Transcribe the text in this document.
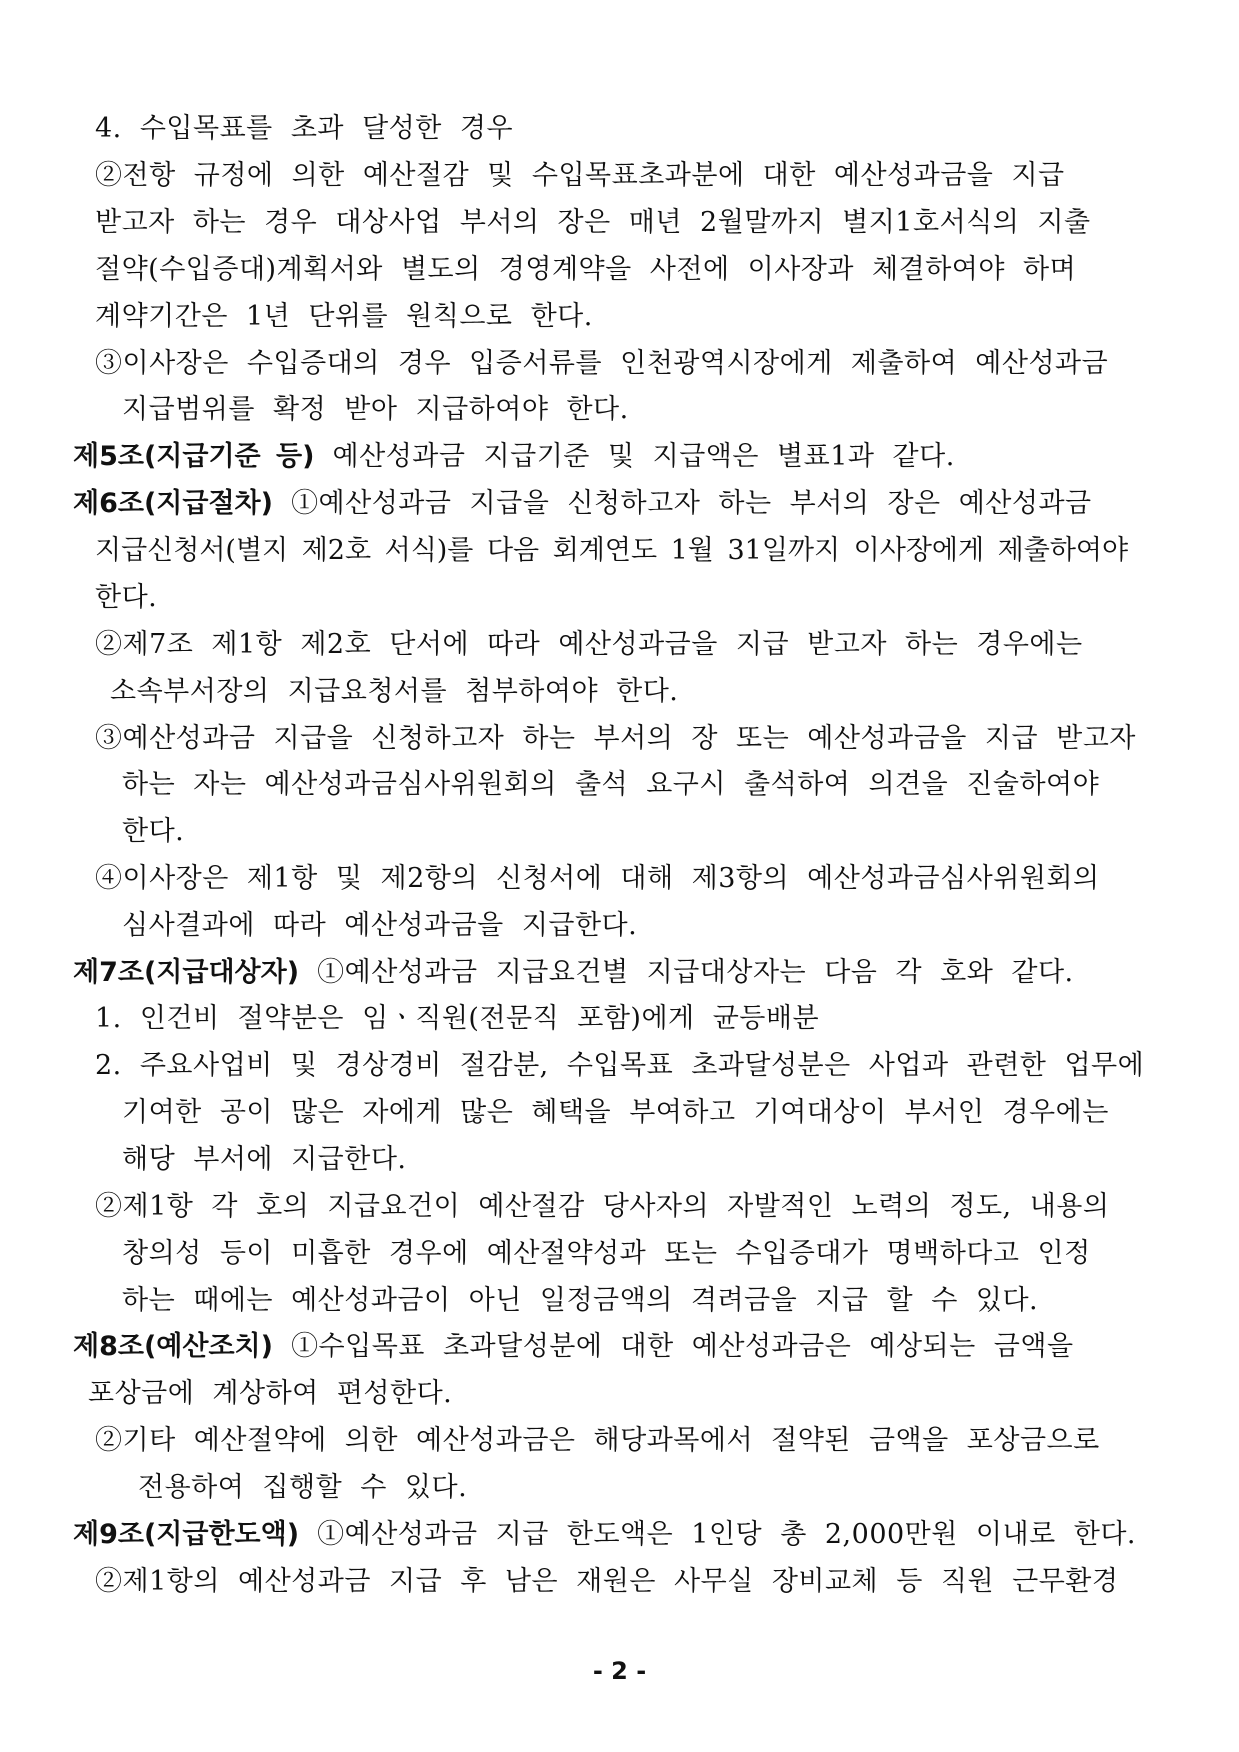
4. 수입목표를 초과 달성한 경우
②전항 규정에 의한 예산절감 및 수입목표초과분에 대한 예산성과금을 지급
받고자 하는 경우 대상사업 부서의 장은 매년 2월말까지 별지1호서식의 지출
절약(수입증대)계획서와 별도의 경영계약을 사전에 이사장과 체결하여야 하며
계약기간은 1년 단위를 원칙으로 한다.
③이사장은 수입증대의 경우 입증서류를 인천광역시장에게 제출하여 예산성과금
지급범위를 확정 받아 지급하여야 한다.
제5조(지급기준 등) 예산성과금 지급기준 및 지급액은 별표1과 같다.
제6조(지급절차) ①예산성과금 지급을 신청하고자 하는 부서의 장은 예산성과금
지급신청서(별지 제2호 서식)를 다음 회계연도 1월 31일까지 이사장에게 제출하여야
한다.
②제7조 제1항 제2호 단서에 따라 예산성과금을 지급 받고자 하는 경우에는
소속부서장의 지급요청서를 첨부하여야 한다.
③예산성과금 지급을 신청하고자 하는 부서의 장 또는 예산성과금을 지급 받고자
하는 자는 예산성과금심사위원회의 출석 요구시 출석하여 의견을 진술하여야
한다.
④이사장은 제1항 및 제2항의 신청서에 대해 제3항의 예산성과금심사위원회의
심사결과에 따라 예산성과금을 지급한다.
제7조(지급대상자) ①예산성과금 지급요건별 지급대상자는 다음 각 호와 같다.
1. 인건비 절약분은 임ㆍ직원(전문직 포함)에게 균등배분
2. 주요사업비 및 경상경비 절감분, 수입목표 초과달성분은 사업과 관련한 업무에
기여한 공이 많은 자에게 많은 혜택을 부여하고 기여대상이 부서인 경우에는
해당 부서에 지급한다.
②제1항 각 호의 지급요건이 예산절감 당사자의 자발적인 노력의 정도, 내용의
창의성 등이 미흡한 경우에 예산절약성과 또는 수입증대가 명백하다고 인정
하는 때에는 예산성과금이 아닌 일정금액의 격려금을 지급 할 수 있다.
제8조(예산조치) ①수입목표 초과달성분에 대한 예산성과금은 예상되는 금액을
포상금에 계상하여 편성한다.
②기타 예산절약에 의한 예산성과금은 해당과목에서 절약된 금액을 포상금으로
전용하여 집행할 수 있다.
제9조(지급한도액) ①예산성과금 지급 한도액은 1인당 총 2,000만원 이내로 한다.
②제1항의 예산성과금 지급 후 남은 재원은 사무실 장비교체 등 직원 근무환경
- 2 -
